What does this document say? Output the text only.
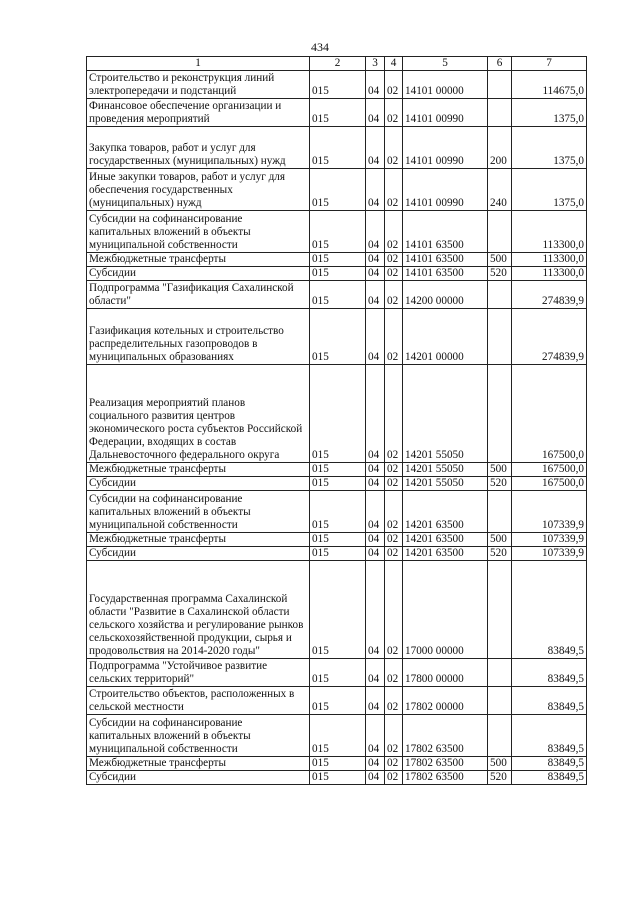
434
1	2	3	4	5	6	7
Строительство и реконструкция линий электропередачи и подстанций	015	04	02	14101 00000		114675,0
Финансовое обеспечение организации и проведения мероприятий	015	04	02	14101 00990		1375,0
Закупка товаров, работ и услуг для государственных (муниципальных) нужд	015	04	02	14101 00990	200	1375,0
Иные закупки товаров, работ и услуг для обеспечения государственных (муниципальных) нужд	015	04	02	14101 00990	240	1375,0
Субсидии на софинансирование капитальных вложений в объекты муниципальной собственности	015	04	02	14101 63500		113300,0
Межбюджетные трансферты	015	04	02	14101 63500	500	113300,0
Субсидии	015	04	02	14101 63500	520	113300,0
Подпрограмма "Газификация Сахалинской области"	015	04	02	14200 00000		274839,9
Газификация котельных и строительство распределительных газопроводов в муниципальных образованиях	015	04	02	14201 00000		274839,9
Реализация мероприятий планов социального развития центров экономического роста субъектов Российской Федерации, входящих в состав Дальневосточного федерального округа	015	04	02	14201 55050		167500,0
Межбюджетные трансферты	015	04	02	14201 55050	500	167500,0
Субсидии	015	04	02	14201 55050	520	167500,0
Субсидии на софинансирование капитальных вложений в объекты муниципальной собственности	015	04	02	14201 63500		107339,9
Межбюджетные трансферты	015	04	02	14201 63500	500	107339,9
Субсидии	015	04	02	14201 63500	520	107339,9
Государственная программа Сахалинской области "Развитие в Сахалинской области сельского хозяйства и регулирование рынков сельскохозяйственной продукции, сырья и продовольствия на 2014-2020 годы"	015	04	02	17000 00000		83849,5
Подпрограмма "Устойчивое развитие сельских территорий"	015	04	02	17800 00000		83849,5
Строительство объектов, расположенных в сельской местности	015	04	02	17802 00000		83849,5
Субсидии на софинансирование капитальных вложений в объекты муниципальной собственности	015	04	02	17802 63500		83849,5
Межбюджетные трансферты	015	04	02	17802 63500	500	83849,5
Субсидии	015	04	02	17802 63500	520	83849,5
